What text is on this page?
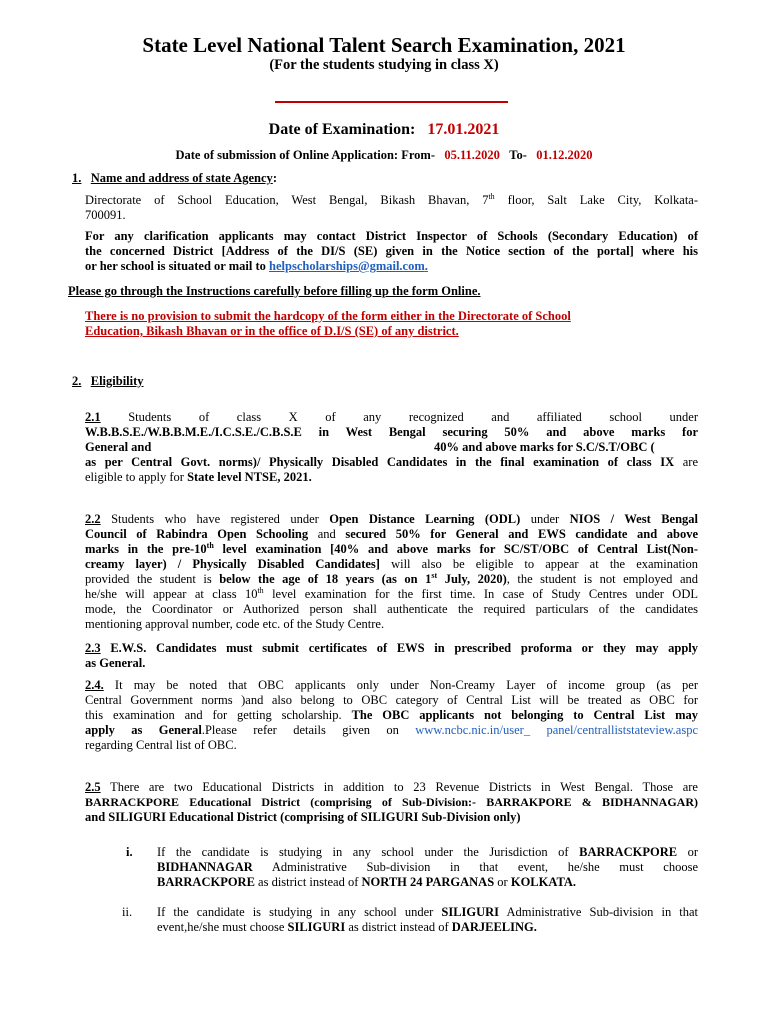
State Level National Talent Search Examination, 2021
(For the students studying in class X)
Date of Examination: 17.01.2021
Date of submission of Online Application: From- 05.11.2020 To- 01.12.2020
1. Name and address of state Agency:
Directorate of School Education, West Bengal, Bikash Bhavan, 7th floor, Salt Lake City, Kolkata-
700091.
For any clarification applicants may contact District Inspector of Schools (Secondary Education) of
the concerned District [Address of the DI/S (SE) given in the Notice section of the portal] where his
or her school is situated or mail to helpscholarships@gmail.com.
Please go through the Instructions carefully before filling up the form Online.
There is no provision to submit the hardcopy of the form either in the Directorate of School
Education, Bikash Bhavan or in the office of D.I/S (SE) of any district.
2. Eligibility
2.1 Students of class X of any recognized and affiliated school under
W.B.B.S.E./W.B.B.M.E./I.C.S.E./C.B.S.E in West Bengal securing 50% and above marks for
General and	40% and above marks for S.C/S.T/OBC (
as per Central Govt. norms)/ Physically Disabled Candidates in the final examination of class IX are
eligible to apply for State level NTSE, 2021.
2.2 Students who have registered under Open Distance Learning (ODL) under NIOS / West Bengal
Council of Rabindra Open Schooling and secured 50% for General and EWS candidate and above
marks in the pre-10th level examination [40% and above marks for SC/ST/OBC of Central List(Non-
creamy layer) / Physically Disabled Candidates] will also be eligible to appear at the examination
provided the student is below the age of 18 years (as on 1st July, 2020), the student is not employed and
he/she will appear at class 10th level examination for the first time. In case of Study Centres under ODL
mode, the Coordinator or Authorized person shall authenticate the required particulars of the candidates
mentioning approval number, code etc. of the Study Centre.
2.3 E.W.S. Candidates must submit certificates of EWS in prescribed proforma or they may apply
as General.
2.4. It may be noted that OBC applicants only under Non-Creamy Layer of income group (as per
Central Government norms )and also belong to OBC category of Central List will be treated as OBC for
this examination and for getting scholarship. The OBC applicants not belonging to Central List may
apply as General.Please refer details given on www.ncbc.nic.in/user_ panel/centralliststateview.aspc
regarding Central list of OBC.
2.5 There are two Educational Districts in addition to 23 Revenue Districts in West Bengal. Those are
BARRACKPORE Educational District (comprising of Sub-Division:- BARRAKPORE & BIDHANNAGAR)
and SILIGURI Educational District (comprising of SILIGURI Sub-Division only)
i. If the candidate is studying in any school under the Jurisdiction of BARRACKPORE or
BIDHANNAGAR Administrative Sub-division in that event, he/she must choose
BARRACKPORE as district instead of NORTH 24 PARGANAS or KOLKATA.
ii. If the candidate is studying in any school under SILIGURI Administrative Sub-division in that
event,he/she must choose SILIGURI as district instead of DARJEELING.
